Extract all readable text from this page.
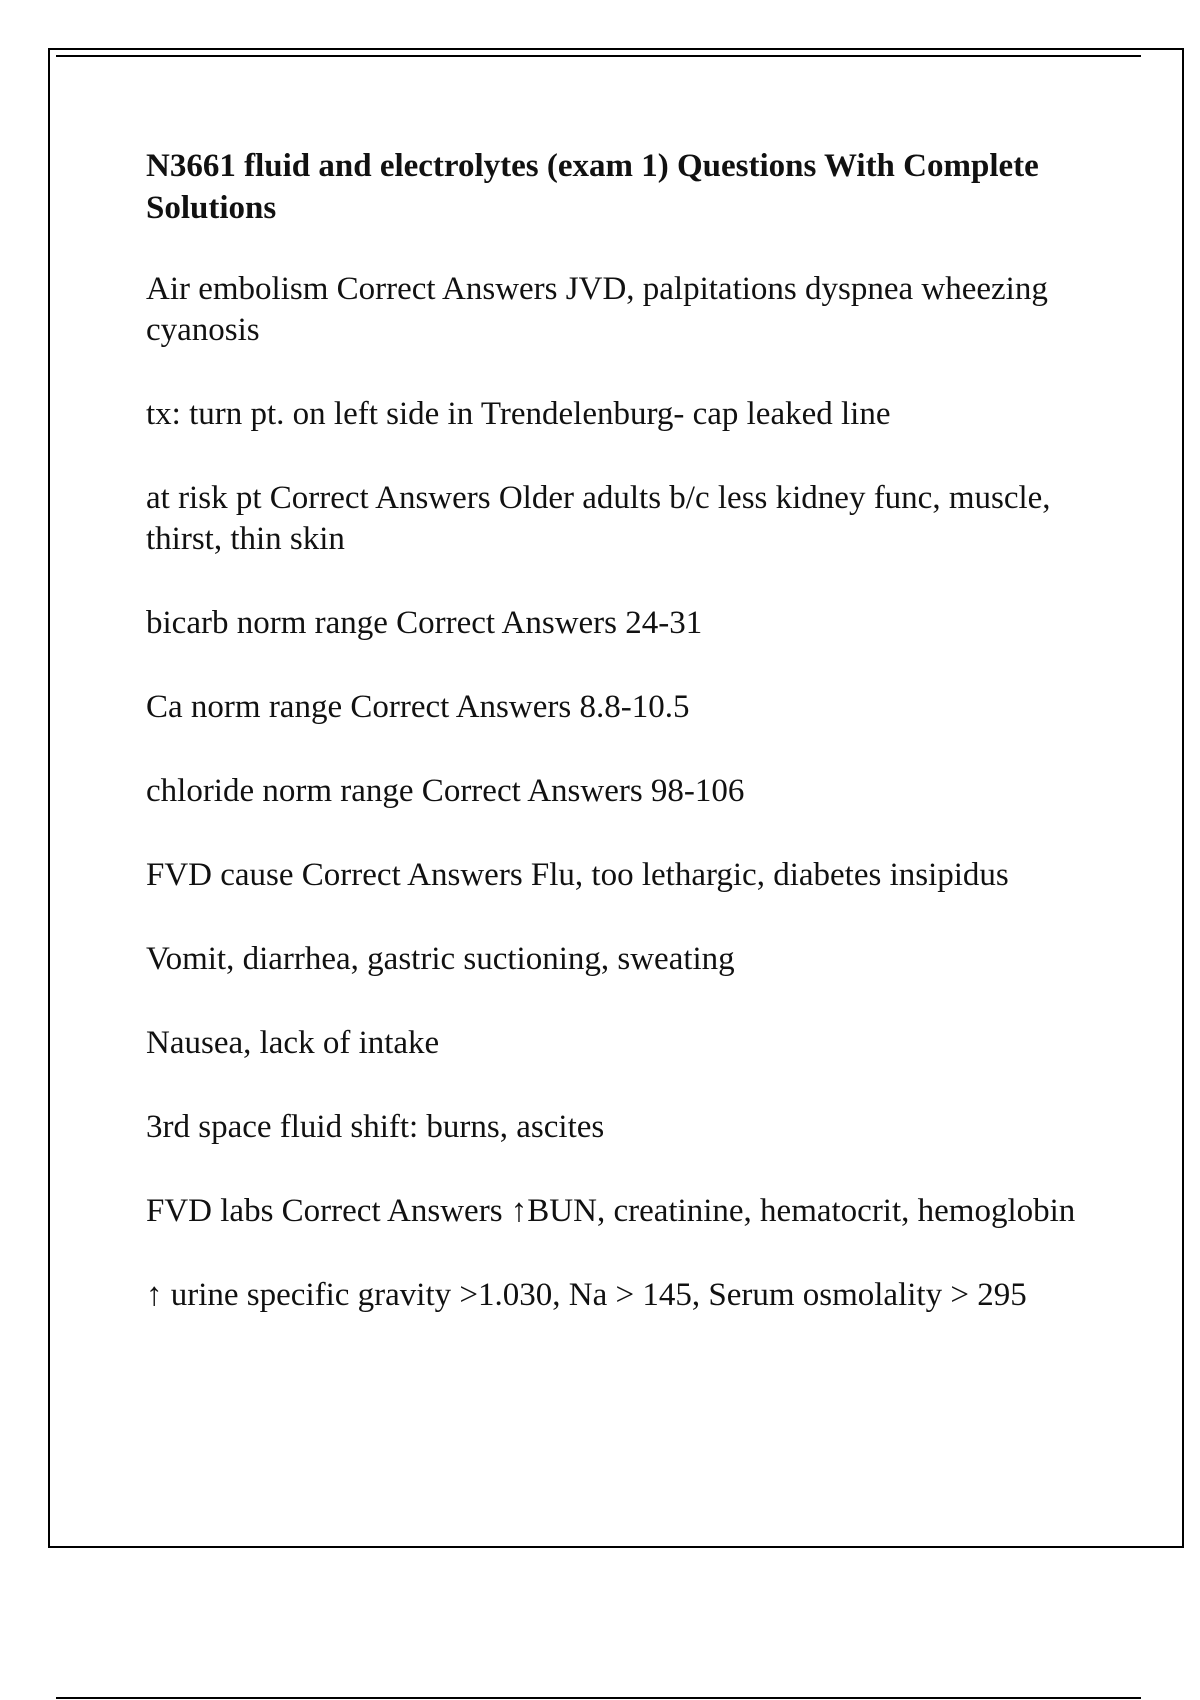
N3661 fluid and electrolytes (exam 1) Questions With Complete Solutions

Air embolism Correct Answers JVD, palpitations dyspnea wheezing cyanosis

tx: turn pt. on left side in Trendelenburg- cap leaked line

at risk pt Correct Answers Older adults b/c less kidney func, muscle, thirst, thin skin

bicarb norm range Correct Answers 24-31

Ca norm range Correct Answers 8.8-10.5

chloride norm range Correct Answers 98-106

FVD cause Correct Answers Flu, too lethargic, diabetes insipidus

Vomit, diarrhea, gastric suctioning, sweating

Nausea, lack of intake

3rd space fluid shift: burns, ascites

FVD labs Correct Answers ↑BUN, creatinine, hematocrit, hemoglobin

↑ urine specific gravity >1.030, Na > 145, Serum osmolality > 295
